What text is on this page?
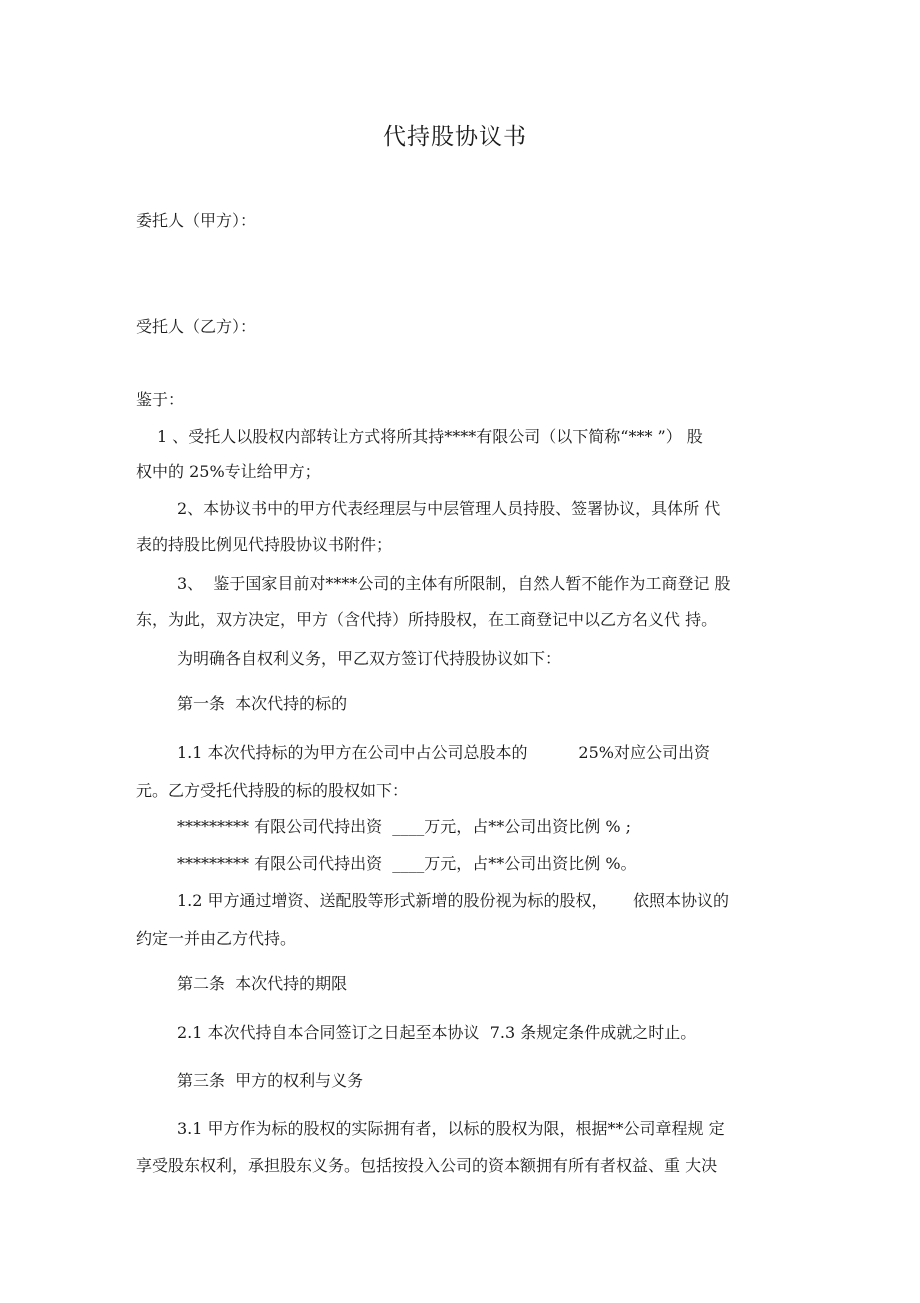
代持股协议书
委托人（甲方）：
受托人（乙方）：
鉴于：
1 、受托人以股权内部转让方式将所其持****有限公司（以下简称“*** ”） 股
权中的 25%专让给甲方；
2、本协议书中的甲方代表经理层与中层管理人员持股、签署协议，具体所 代
表的持股比例见代持股协议书附件；
3、  鉴于国家目前对****公司的主体有所限制，自然人暂不能作为工商登记 股
东，为此，双方决定，甲方（含代持）所持股权，在工商登记中以乙方名义代 持。
为明确各自权利义务，甲乙双方签订代持股协议如下：
第一条  本次代持的标的
1.1 本次代持标的为甲方在公司中占公司总股本的          25%对应公司出资
元。乙方受托代持股的标的股权如下：
********* 有限公司代持出资  ____万元，占**公司出资比例 % ;
********* 有限公司代持出资  ____万元，占**公司出资比例 %。
1.2 甲方通过增资、送配股等形式新增的股份视为标的股权，     依照本协议的
约定一并由乙方代持。
第二条  本次代持的期限
2.1 本次代持自本合同签订之日起至本协议  7.3 条规定条件成就之时止。
第三条  甲方的权利与义务
3.1 甲方作为标的股权的实际拥有者，以标的股权为限，根据**公司章程规 定
享受股东权利，承担股东义务。包括按投入公司的资本额拥有所有者权益、重 大决
